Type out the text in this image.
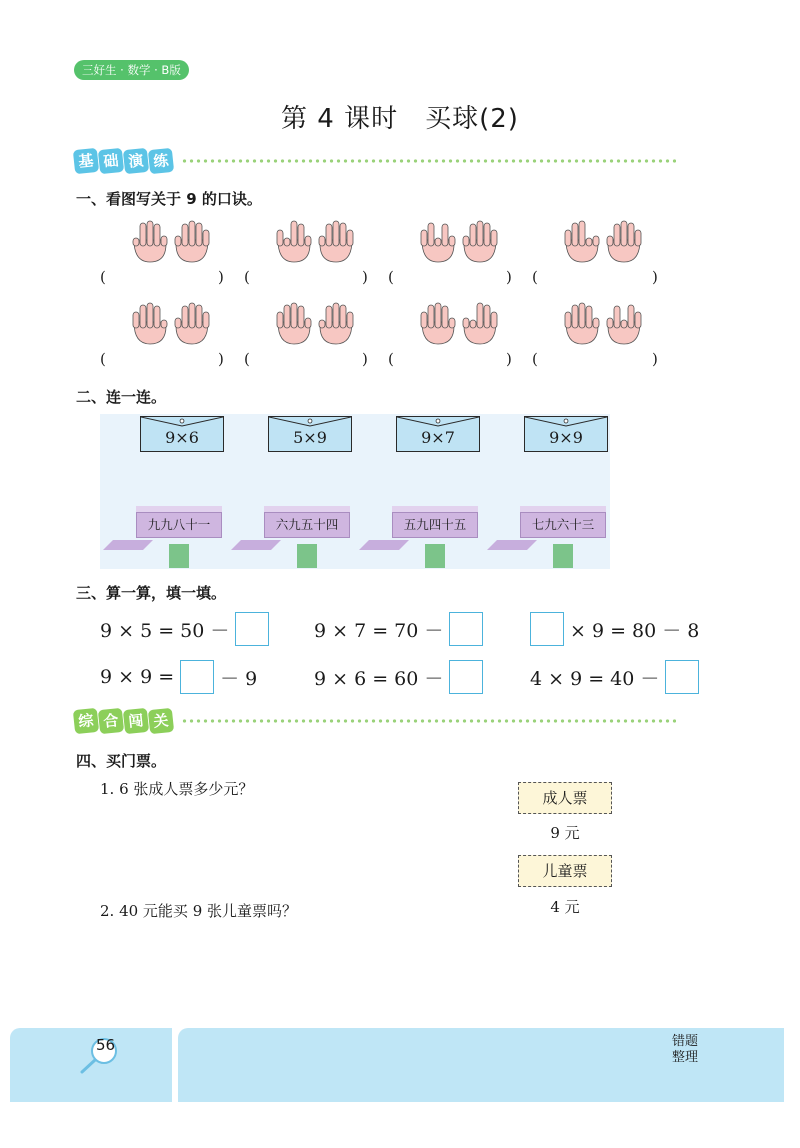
三好生 · 数学 · B版
第 4 课时　买球(2)
基 础 演 练
一、看图写关于 9 的口诀。
(	) (	) (	) (	)
(	) (	) (	) (	)
二、连一连。
9×6	5×9	9×7	9×9
九九八十一	六九五十四	五九四十五	七九六十三
三、算一算，填一填。
9 × 5 = 50 －	9 × 7 = 70 －	× 9 = 80 － 8
9 × 9 = － 9	9 × 6 = 60 －	4 × 9 = 40 －
综 合 闯 关
四、买门票。
1. 6 张成人票多少元？
2. 40 元能买 9 张儿童票吗？
成人票
9 元
儿童票
4 元
56	错题
整理
